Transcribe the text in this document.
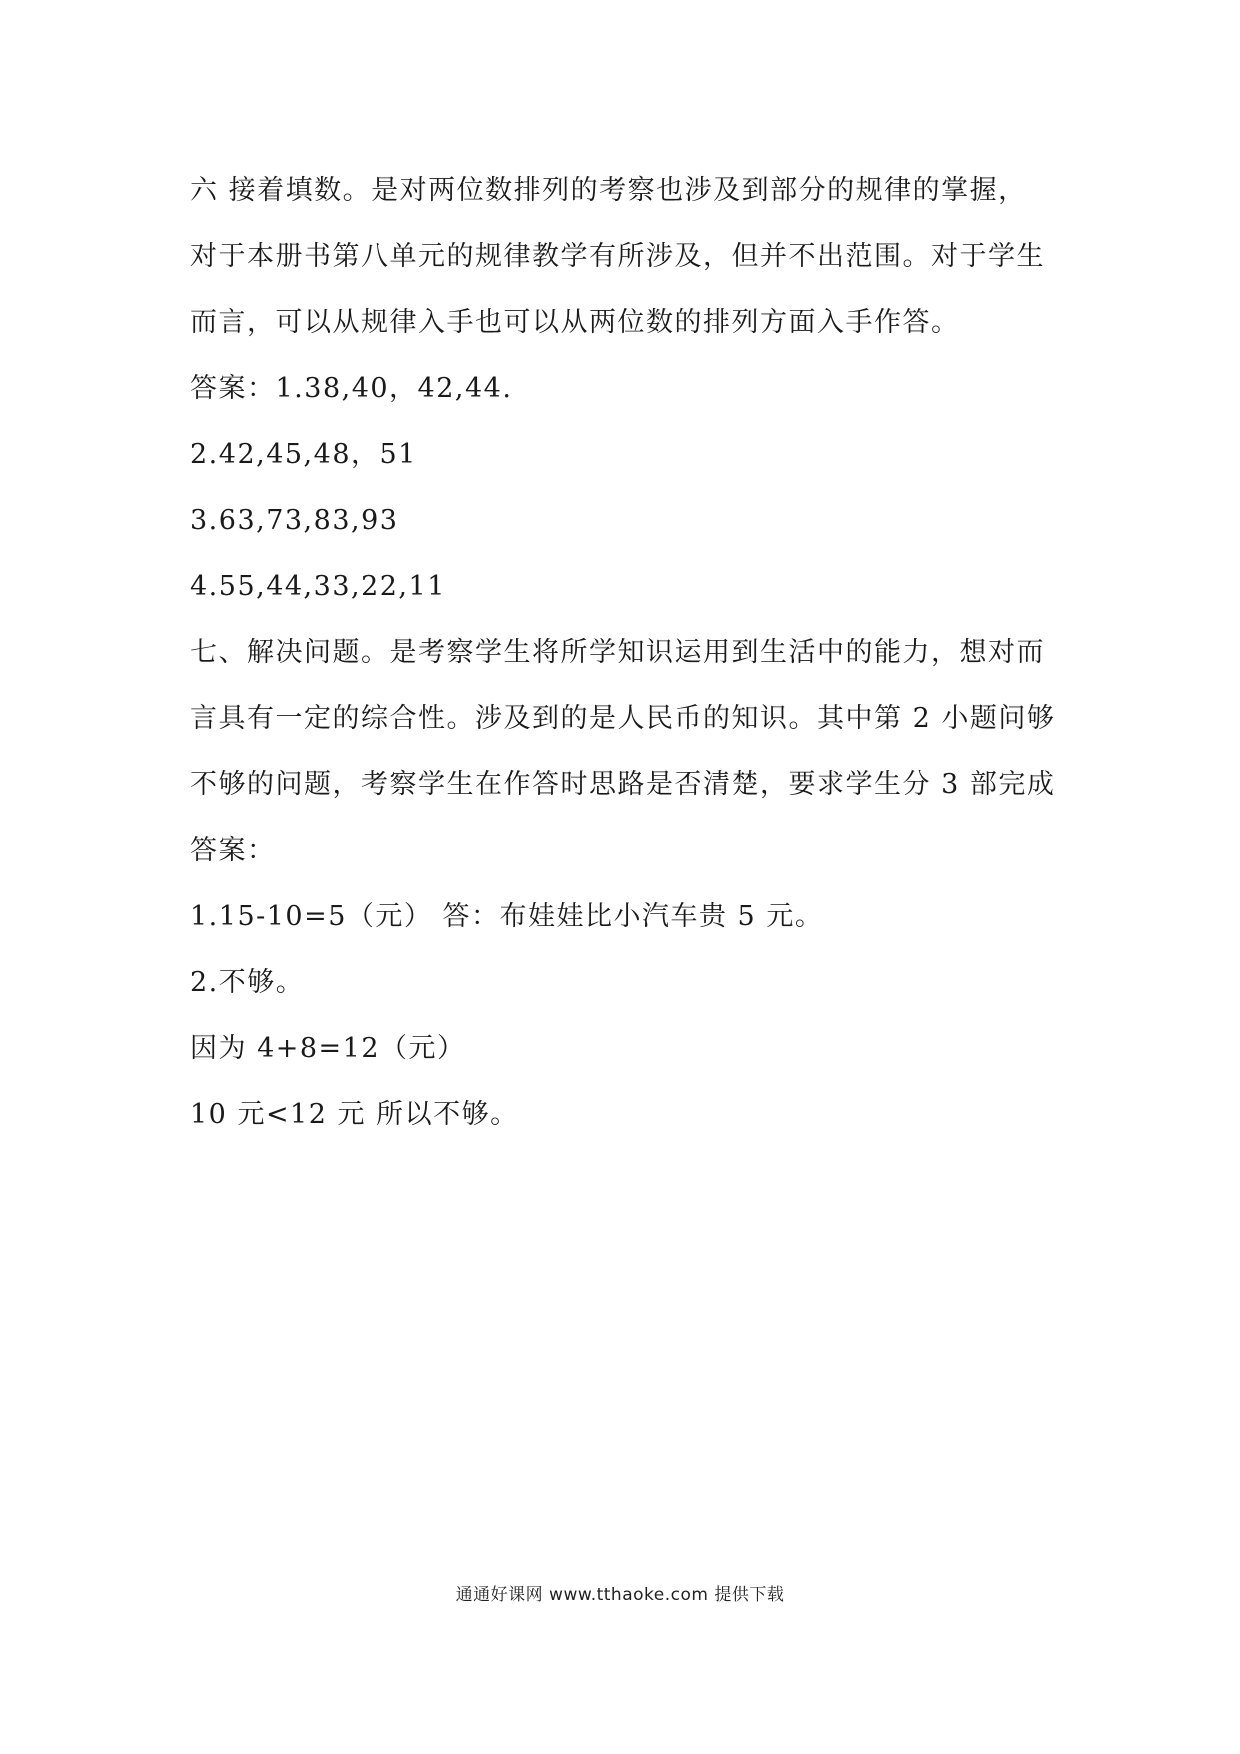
六 接着填数。是对两位数排列的考察也涉及到部分的规律的掌握，
对于本册书第八单元的规律教学有所涉及，但并不出范围。对于学生
而言，可以从规律入手也可以从两位数的排列方面入手作答。
答案：1.38,40，42,44.
2.42,45,48，51
3.63,73,83,93
4.55,44,33,22,11
七、解决问题。是考察学生将所学知识运用到生活中的能力，想对而
言具有一定的综合性。涉及到的是人民币的知识。其中第 2 小题问够
不够的问题，考察学生在作答时思路是否清楚，要求学生分 3 部完成
答案：
1.15-10=5（元） 答：布娃娃比小汽车贵 5 元。
2.不够。
因为 4+8=12（元）
10 元<12 元 所以不够。
通通好课网 www.tthaoke.com 提供下载
